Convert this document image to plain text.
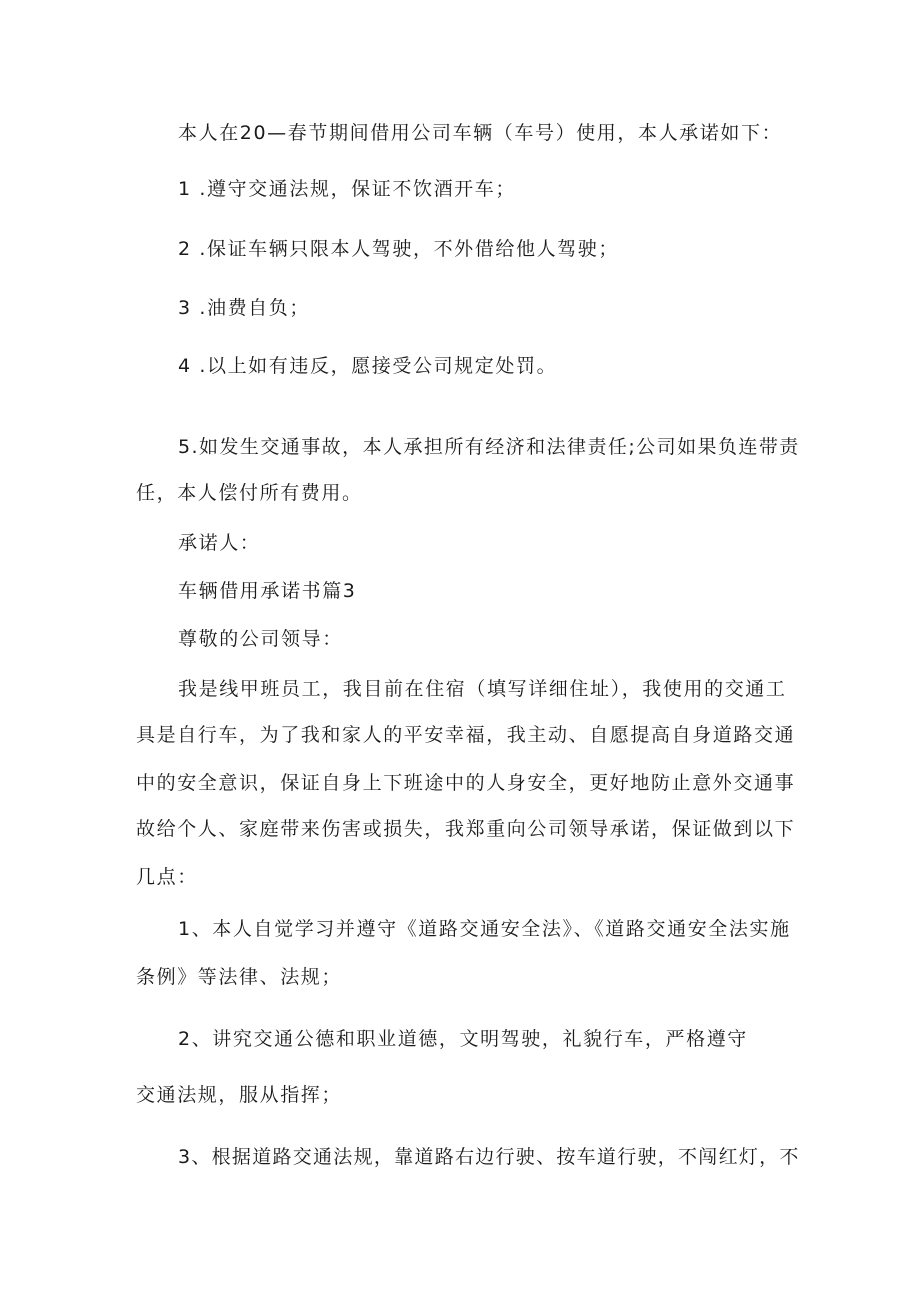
本人在20—春节期间借用公司车辆（车号）使用，本人承诺如下：
1 .遵守交通法规，保证不饮酒开车；
2 .保证车辆只限本人驾驶，不外借给他人驾驶；
3 .油费自负；
4 .以上如有违反，愿接受公司规定处罚。
5.如发生交通事故，本人承担所有经济和法律责任;公司如果负连带责
任，本人偿付所有费用。
承诺人：
车辆借用承诺书篇3
尊敬的公司领导：
我是线甲班员工，我目前在住宿（填写详细住址），我使用的交通工
具是自行车，为了我和家人的平安幸福，我主动、自愿提高自身道路交通
中的安全意识，保证自身上下班途中的人身安全，更好地防止意外交通事
故给个人、家庭带来伤害或损失，我郑重向公司领导承诺，保证做到以下
几点：
1、本人自觉学习并遵守《道路交通安全法》、《道路交通安全法实施
条例》等法律、法规；
2、讲究交通公德和职业道德，文明驾驶，礼貌行车，严格遵守
交通法规，服从指挥；
3、根据道路交通法规，靠道路右边行驶、按车道行驶，不闯红灯，不
